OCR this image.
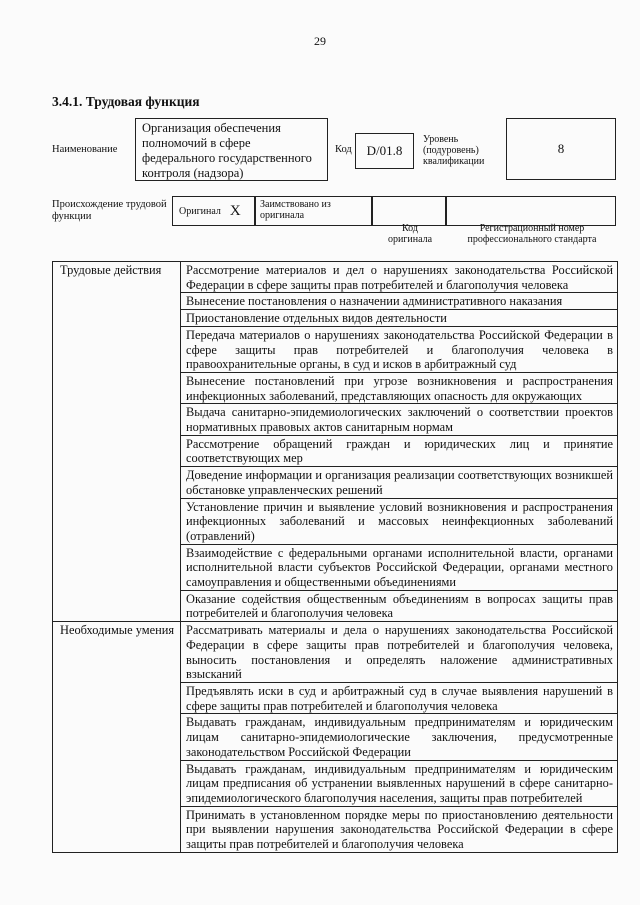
29
3.4.1. Трудовая функция
Наименование
Организация обеспечения полномочий в сфере федерального государственного контроля (надзора)
Код	D/01.8
Уровень (подуровень) квалификации
8
Происхождение трудовой функции	Оригинал X	Заимствовано из оригинала
Код оригинала
Регистрационный номер профессионального стандарта
Трудовые действия	Рассмотрение материалов и дел о нарушениях законодательства Российской Федерации в сфере защиты прав потребителей и благополучия человека
	Вынесение постановления о назначении административного наказания
	Приостановление отдельных видов деятельности
	Передача материалов о нарушениях законодательства Российской Федерации в сфере защиты прав потребителей и благополучия человека в правоохранительные органы, в суд и исков в арбитражный суд
	Вынесение постановлений при угрозе возникновения и распространения инфекционных заболеваний, представляющих опасность для окружающих
	Выдача санитарно-эпидемиологических заключений о соответствии проектов нормативных правовых актов санитарным нормам
	Рассмотрение обращений граждан и юридических лиц и принятие соответствующих мер
	Доведение информации и организация реализации соответствующих возникшей обстановке управленческих решений
	Установление причин и выявление условий возникновения и распространения инфекционных заболеваний и массовых неинфекционных заболеваний (отравлений)
	Взаимодействие с федеральными органами исполнительной власти, органами исполнительной власти субъектов Российской Федерации, органами местного самоуправления и общественными объединениями
	Оказание содействия общественным объединениям в вопросах защиты прав потребителей и благополучия человека
Необходимые умения	Рассматривать материалы и дела о нарушениях законодательства Российской Федерации в сфере защиты прав потребителей и благополучия человека, выносить постановления и определять наложение административных взысканий
	Предъявлять иски в суд и арбитражный суд в случае выявления нарушений в сфере защиты прав потребителей и благополучия человека
	Выдавать гражданам, индивидуальным предпринимателям и юридическим лицам санитарно-эпидемиологические заключения, предусмотренные законодательством Российской Федерации
	Выдавать гражданам, индивидуальным предпринимателям и юридическим лицам предписания об устранении выявленных нарушений в сфере санитарно-эпидемиологического благополучия населения, защиты прав потребителей
	Принимать в установленном порядке меры по приостановлению деятельности при выявлении нарушения законодательства Российской Федерации в сфере защиты прав потребителей и благополучия человека
